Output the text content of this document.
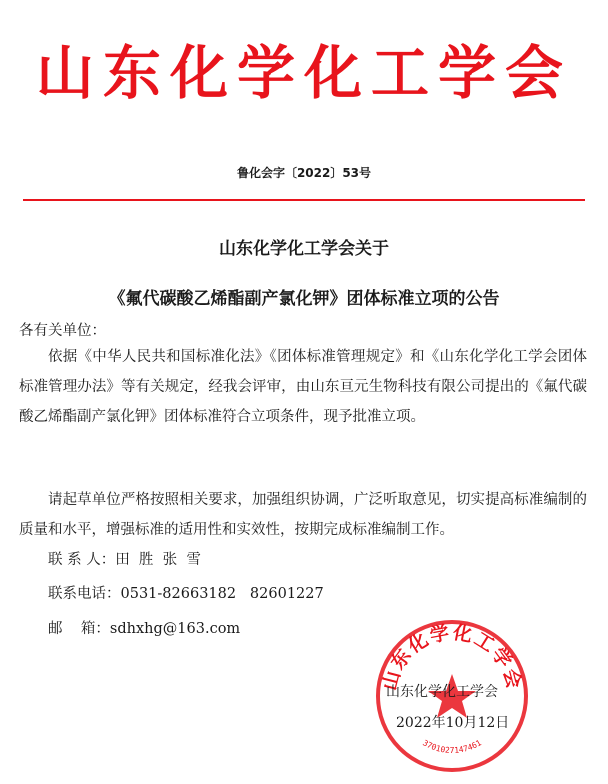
山东化学化工学会
鲁化会字〔2022〕53号
山东化学化工学会关于
《氟代碳酸乙烯酯副产氯化钾》团体标准立项的公告
各有关单位：

依据《中华人民共和国标准化法》《团体标准管理规定》和《山东化学化工学会团体标准管理办法》等有关规定，经我会评审，由山东亘元生物科技有限公司提出的《氟代碳酸乙烯酯副产氯化钾》团体标准符合立项条件，现予批准立项。

请起草单位严格按照相关要求，加强组织协调，广泛听取意见，切实提高标准编制的质量和水平，增强标准的适用性和实效性，按期完成标准编制工作。

联 系 人：田  胜  张  雪
联系电话：0531-82663182   82601227
邮    箱：sdhxhg@163.com
山东化学化工学会
3701027147461
山东化学化工学会
2022年10月12日
